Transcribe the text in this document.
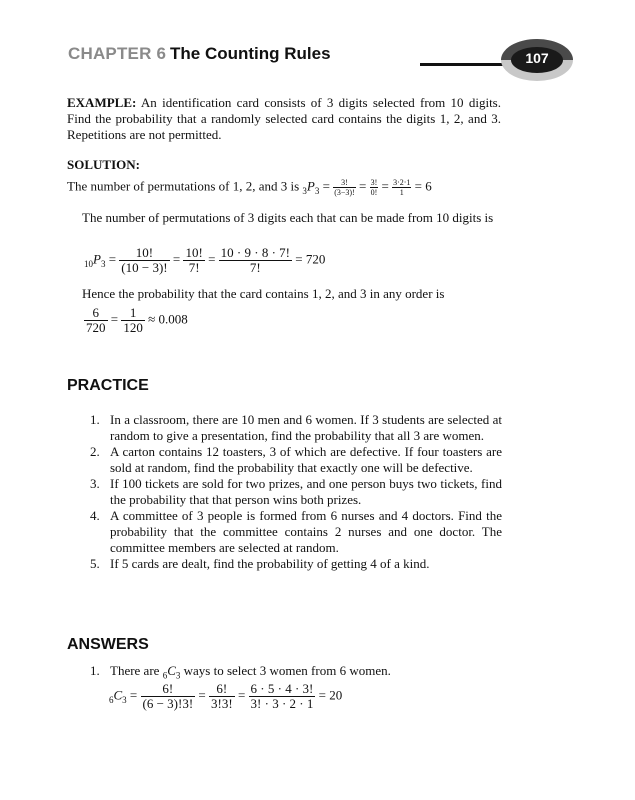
CHAPTER 6 The Counting Rules	107
EXAMPLE: An identification card consists of 3 digits selected from 10 digits. Find the probability that a randomly selected card contains the digits 1, 2, and 3. Repetitions are not permitted.
SOLUTION:
The number of permutations of 1, 2, and 3 is $_3P_3 = \frac{3!}{(3-3)!} = \frac{3!}{0!} = \frac{3\cdot 2\cdot 1}{1} = 6$
The number of permutations of 3 digits each that can be made from 10 digits is
$_{10}P_3 = \frac{10!}{(10 - 3)!} = \frac{10!}{7!} = \frac{10 \cdot 9 \cdot 8 \cdot 7!}{7!} = 720$
Hence the probability that the card contains 1, 2, and 3 in any order is
$\frac{6}{720} = \frac{1}{120} \approx 0.008$
PRACTICE

1. In a classroom, there are 10 men and 6 women. If 3 students are selected at random to give a presentation, find the probability that all 3 are women.

2. A carton contains 12 toasters, 3 of which are defective. If four toasters are sold at random, find the probability that exactly one will be defective.

3. If 100 tickets are sold for two prizes, and one person buys two tickets, find the probability that that person wins both prizes.

4. A committee of 3 people is formed from 6 nurses and 4 doctors. Find the probability that the committee contains 2 nurses and one doctor. The committee members are selected at random.

5. If 5 cards are dealt, find the probability of getting 4 of a kind.

ANSWERS
1. There are $_6C_3$ ways to select 3 women from 6 women.
$_6C_3 = \frac{6!}{(6 - 3)!3!} = \frac{6!}{3!3!} = \frac{6 \cdot 5 \cdot 4 \cdot 3!}{3! \cdot 3 \cdot 2 \cdot 1} = 20$
